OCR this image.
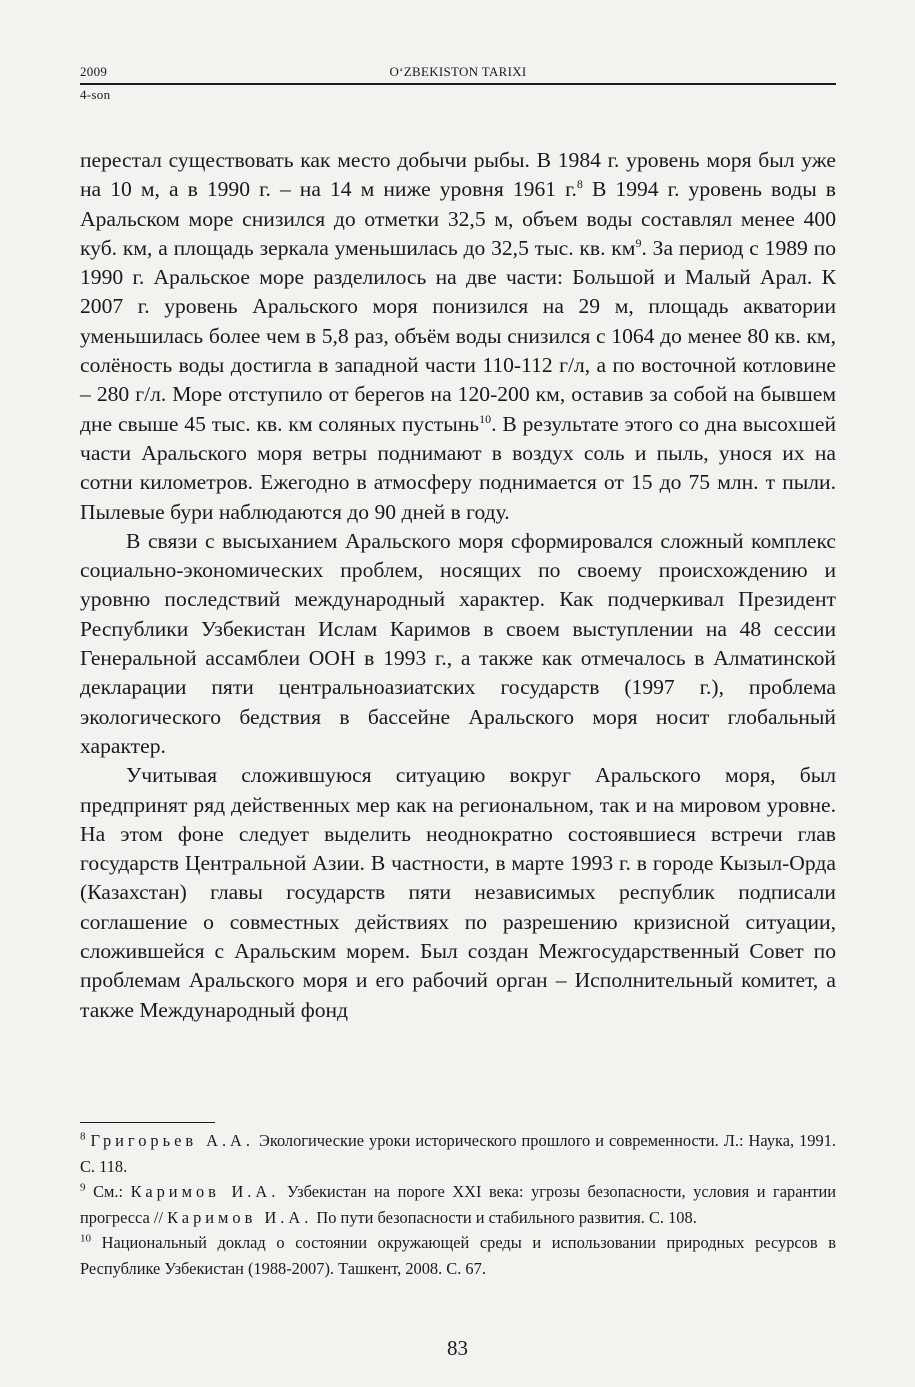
2009	O‘ZBEKISTON TARIXI
4-son

перестал существовать как место добычи рыбы. В 1984 г. уровень моря был уже на 10 м, а в 1990 г. – на 14 м ниже уровня 1961 г.$^8$ В 1994 г. уровень воды в Аральском море снизился до отметки 32,5 м, объем воды составлял менее 400 куб. км, а площадь зеркала уменьшилась до 32,5 тыс. кв. $км^9$. За период с 1989 по 1990 г. Аральское море разделилось на две части: Большой и Малый Арал. К 2007 г. уровень Аральского моря понизился на 29 м, площадь акватории уменьшилась более чем в 5,8 раз, объём воды снизился с 1064 до менее 80 кв. км, солёность воды достигла в западной части 110-112 г/л, а по восточной котловине – 280 г/л. Море отступило от берегов на 120-200 км, оставив за собой на бывшем дне свыше 45 тыс. кв. км соляных пустынь$^{10}$. В результате этого со дна высохшей части Аральского моря ветры поднимают в воздух соль и пыль, унося их на сотни километров. Ежегодно в атмосферу поднимается от 15 до 75 млн. т пыли. Пылевые бури наблюдаются до 90 дней в году.

В связи с высыханием Аральского моря сформировался сложный комплекс социально-экономических проблем, носящих по своему происхождению и уровню последствий международный характер. Как подчеркивал Президент Республики Узбекистан Ислам Каримов в своем выступлении на 48 сессии Генеральной ассамблеи ООН в 1993 г., а также как отмечалось в Алматинской декларации пяти центральноазиатских государств (1997 г.), проблема экологического бедствия в бассейне Аральского моря носит глобальный характер.

Учитывая сложившуюся ситуацию вокруг Аральского моря, был предпринят ряд действенных мер как на региональном, так и на мировом уровне. На этом фоне следует выделить неоднократно состоявшиеся встречи глав государств Центральной Азии. В частности, в марте 1993 г. в городе Кызыл-Орда (Казахстан) главы государств пяти независимых республик подписали соглашение о совместных действиях по разрешению кризисной ситуации, сложившейся с Аральским морем. Был создан Межгосударственный Совет по проблемам Аральского моря и его рабочий орган – Исполнительный комитет, а также Международный фонд

$^8$ Григорьев А.А. Экологические уроки исторического прошлого и современности. Л.: Наука, 1991. С. 118.

$^9$ См.: Каримов И.А. Узбекистан на пороге XXI века: угрозы безопасности, условия и гарантии прогресса // Каримов И.А. По пути безопасности и стабильного развития. С. 108.

$^{10}$ Национальный доклад о состоянии окружающей среды и использовании природных ресурсов в Республике Узбекистан (1988-2007). Ташкент, 2008. С. 67.

83
